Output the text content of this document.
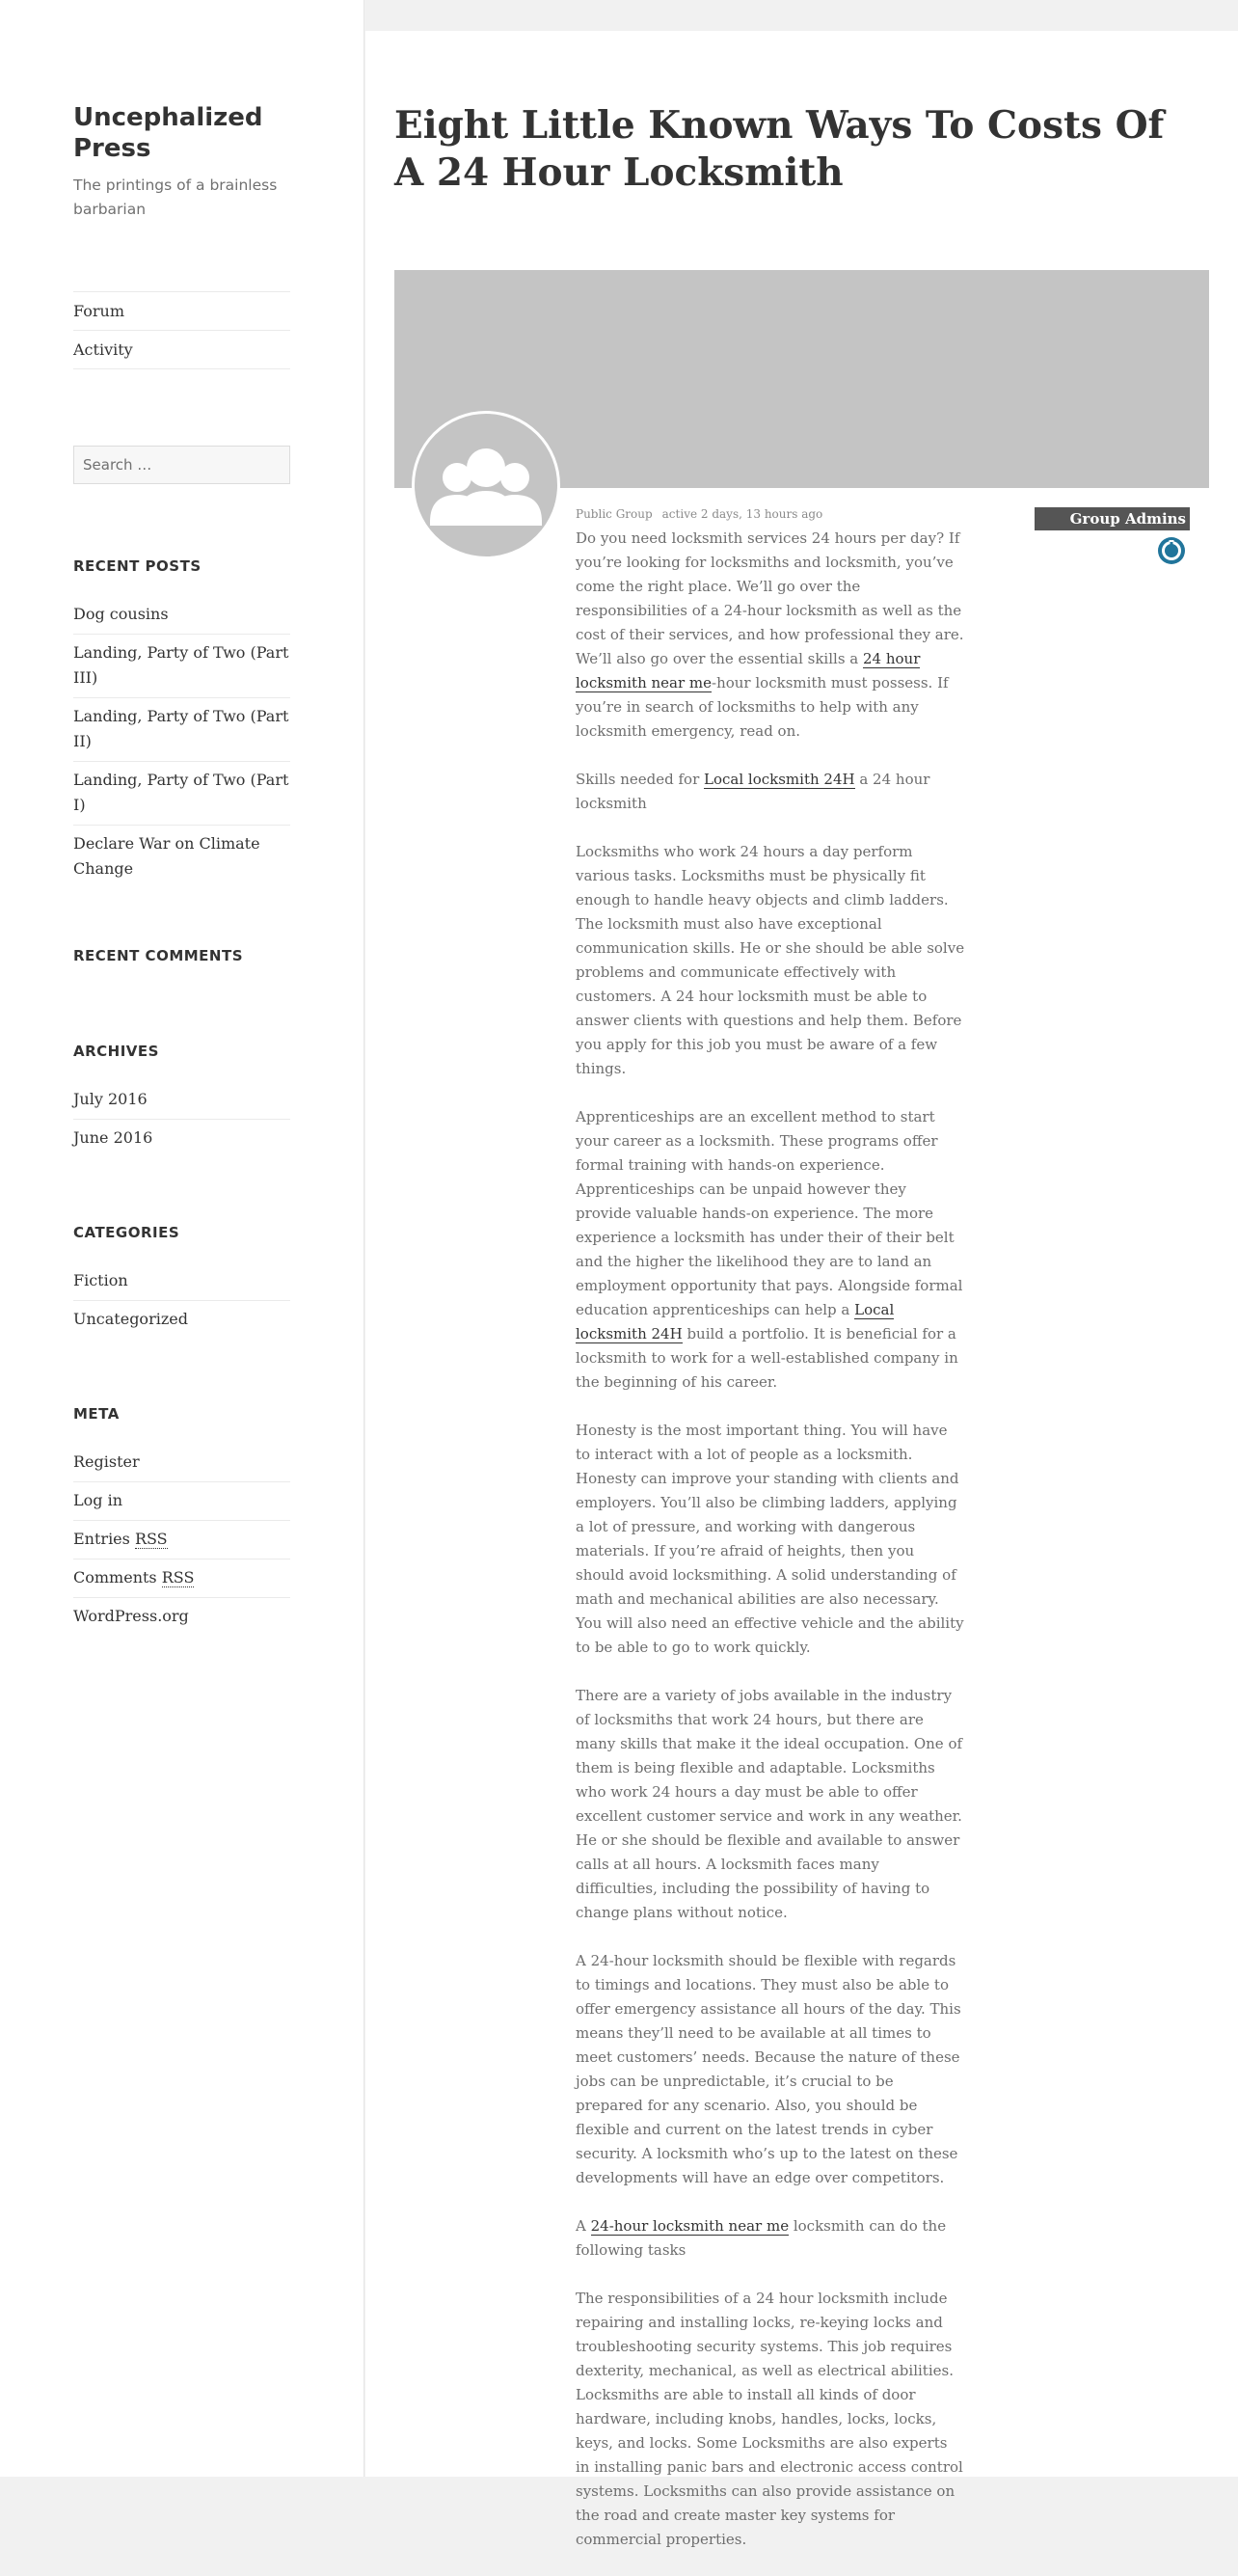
Uncephalized Press

The printings of a brainless barbarian

Forum
Activity
Search …
RECENT POSTS
Dog cousins
Landing, Party of Two (Part III)
Landing, Party of Two (Part II)
Landing, Party of Two (Part I)
Declare War on Climate Change
RECENT COMMENTS
ARCHIVES
July 2016
June 2016
CATEGORIES
Fiction
Uncategorized
META
Register
Log in
Entries RSS
Comments RSS
WordPress.org
Eight Little Known Ways To Costs Of A 24 Hour Locksmith
Public Group active 2 days, 13 hours ago	Group Admins

Do you need locksmith services 24 hours per day? If you’re looking for locksmiths and locksmith, you’ve come the right place. We’ll go over the responsibilities of a 24-hour locksmith as well as the cost of their services, and how professional they are. We’ll also go over the essential skills a 24 hour locksmith near me-hour locksmith must possess. If you’re in search of locksmiths to help with any locksmith emergency, read on.

Skills needed for Local locksmith 24H a 24 hour locksmith

Locksmiths who work 24 hours a day perform various tasks. Locksmiths must be physically fit enough to handle heavy objects and climb ladders. The locksmith must also have exceptional communication skills. He or she should be able solve problems and communicate effectively with customers. A 24 hour locksmith must be able to answer clients with questions and help them. Before you apply for this job you must be aware of a few things.

Apprenticeships are an excellent method to start your career as a locksmith. These programs offer formal training with hands-on experience. Apprenticeships can be unpaid however they provide valuable hands-on experience. The more experience a locksmith has under their of their belt and the higher the likelihood they are to land an employment opportunity that pays. Alongside formal education apprenticeships can help a Local locksmith 24H build a portfolio. It is beneficial for a locksmith to work for a well-established company in the beginning of his career.

Honesty is the most important thing. You will have to interact with a lot of people as a locksmith. Honesty can improve your standing with clients and employers. You’ll also be climbing ladders, applying a lot of pressure, and working with dangerous materials. If you’re afraid of heights, then you should avoid locksmithing. A solid understanding of math and mechanical abilities are also necessary. You will also need an effective vehicle and the ability to be able to go to work quickly.

There are a variety of jobs available in the industry of locksmiths that work 24 hours, but there are many skills that make it the ideal occupation. One of them is being flexible and adaptable. Locksmiths who work 24 hours a day must be able to offer excellent customer service and work in any weather. He or she should be flexible and available to answer calls at all hours. A locksmith faces many difficulties, including the possibility of having to change plans without notice.

A 24-hour locksmith should be flexible with regards to timings and locations. They must also be able to offer emergency assistance all hours of the day. This means they’ll need to be available at all times to meet customers’ needs. Because the nature of these jobs can be unpredictable, it’s crucial to be prepared for any scenario. Also, you should be flexible and current on the latest trends in cyber security. A locksmith who’s up to the latest on these developments will have an edge over competitors.

A 24-hour locksmith near me locksmith can do the following tasks

The responsibilities of a 24 hour locksmith include repairing and installing locks, re-keying locks and troubleshooting security systems. This job requires dexterity, mechanical, as well as electrical abilities. Locksmiths are able to install all kinds of door hardware, including knobs, handles, locks, locks, keys, and locks. Some Locksmiths are also experts in installing panic bars and electronic access control systems. Locksmiths can also provide assistance on the road and create master key systems for commercial properties.
